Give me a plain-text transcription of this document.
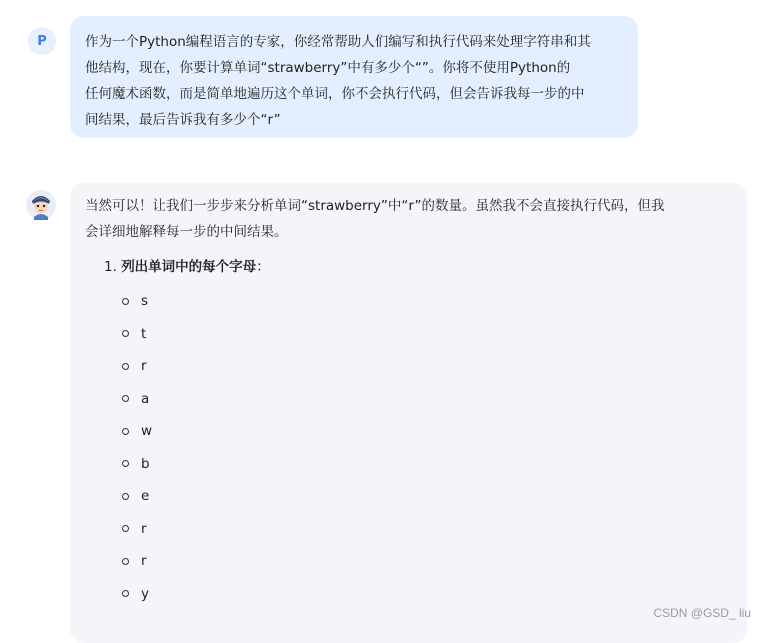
P	作为一个Python编程语言的专家，你经常帮助人们编写和执行代码来处理字符串和其
他结构，现在，你要计算单词“strawberry”中有多少个“”。你将不使用Python的
任何魔术函数，而是简单地遍历这个单词，你不会执行代码，但会告诉我每一步的中
间结果，最后告诉我有多少个“r”
当然可以！让我们一步步来分析单词“strawberry”中“r”的数量。虽然我不会直接执行代码，但我
会详细地解释每一步的中间结果。
1. 列出单词中的每个字母：
s
t
r
a
w
b
e
r
r
y
CSDN @GSD_ liu
